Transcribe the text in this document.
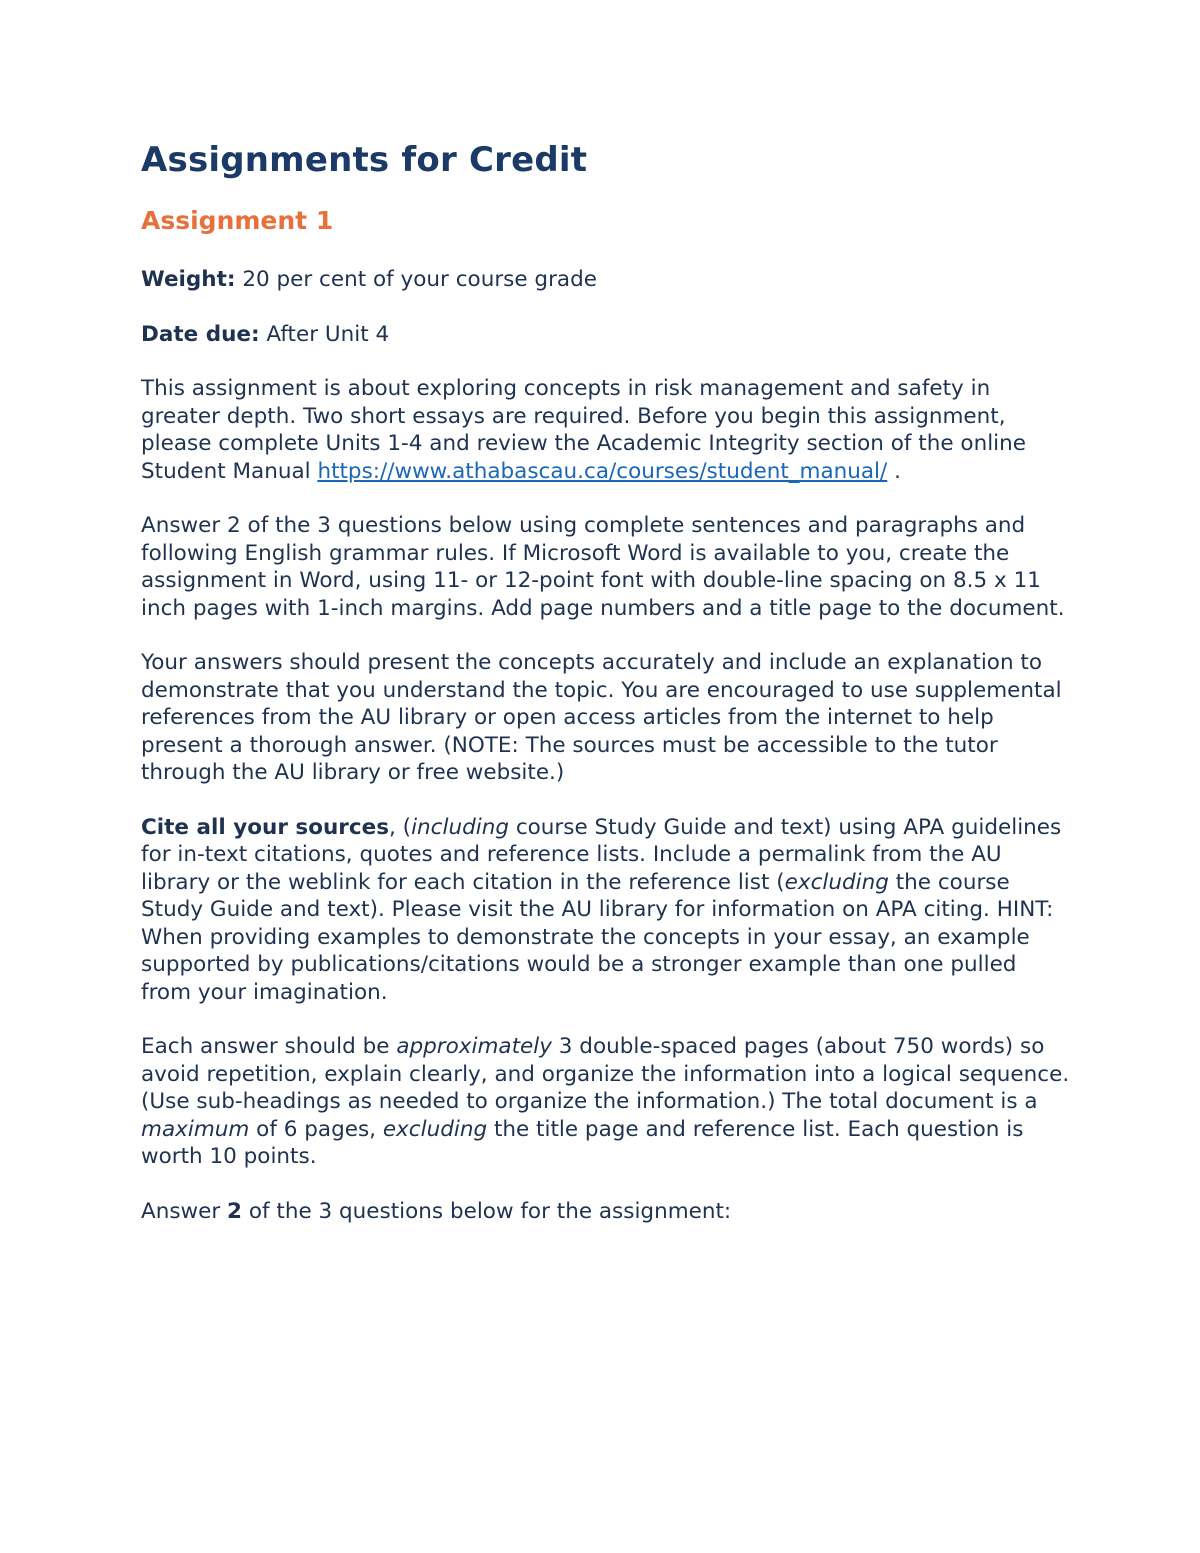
Assignments for Credit
Assignment 1

Weight: 20 per cent of your course grade

Date due: After Unit 4

This assignment is about exploring concepts in risk management and safety in greater depth. Two short essays are required. Before you begin this assignment, please complete Units 1-4 and review the Academic Integrity section of the online Student Manual https://www.athabascau.ca/courses/student_manual/ .

Answer 2 of the 3 questions below using complete sentences and paragraphs and following English grammar rules. If Microsoft Word is available to you, create the assignment in Word, using 11- or 12-point font with double-line spacing on 8.5 x 11 inch pages with 1-inch margins. Add page numbers and a title page to the document.

Your answers should present the concepts accurately and include an explanation to demonstrate that you understand the topic. You are encouraged to use supplemental references from the AU library or open access articles from the internet to help present a thorough answer. (NOTE: The sources must be accessible to the tutor through the AU library or free website.)

Cite all your sources, (including course Study Guide and text) using APA guidelines for in-text citations, quotes and reference lists. Include a permalink from the AU library or the weblink for each citation in the reference list (excluding the course Study Guide and text). Please visit the AU library for information on APA citing. HINT: When providing examples to demonstrate the concepts in your essay, an example supported by publications/citations would be a stronger example than one pulled from your imagination.

Each answer should be approximately 3 double-spaced pages (about 750 words) so avoid repetition, explain clearly, and organize the information into a logical sequence. (Use sub-headings as needed to organize the information.) The total document is a maximum of 6 pages, excluding the title page and reference list. Each question is worth 10 points.

Answer 2 of the 3 questions below for the assignment:
